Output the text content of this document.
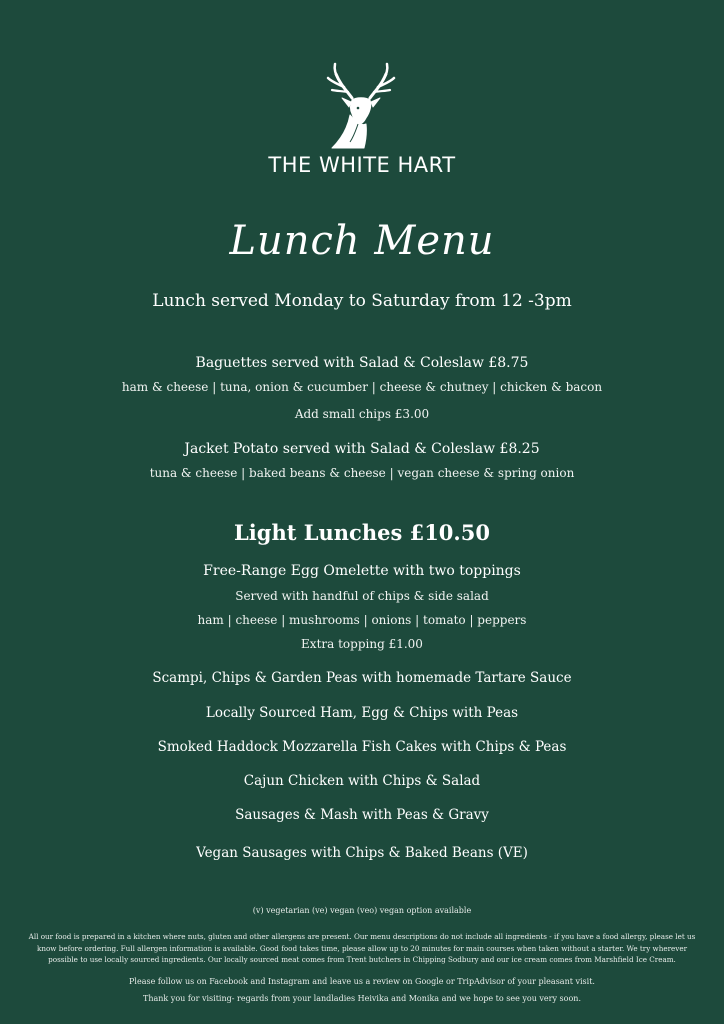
THE WHITE HART
Lunch Menu
Lunch served Monday to Saturday from 12 -3pm
Baguettes served with Salad & Coleslaw £8.75
ham & cheese | tuna, onion & cucumber | cheese & chutney | chicken & bacon
Add small chips £3.00
Jacket Potato served with Salad & Coleslaw £8.25
tuna & cheese | baked beans & cheese | vegan cheese & spring onion
Light Lunches £10.50
Free-Range Egg Omelette with two toppings
Served with handful of chips & side salad
ham | cheese | mushrooms | onions | tomato | peppers
Extra topping £1.00
Scampi, Chips & Garden Peas with homemade Tartare Sauce
Locally Sourced Ham, Egg & Chips with Peas
Smoked Haddock Mozzarella Fish Cakes with Chips & Peas
Cajun Chicken with Chips & Salad
Sausages & Mash with Peas & Gravy
Vegan Sausages with Chips & Baked Beans (VE)
(v) vegetarian (ve) vegan (veo) vegan option available
All our food is prepared in a kitchen where nuts, gluten and other allergens are present. Our menu descriptions do not include all ingredients - if you have a food allergy, please let us know before ordering. Full allergen information is available. Good food takes time, please allow up to 20 minutes for main courses when taken without a starter. We try wherever possible to use locally sourced ingredients. Our locally sourced meat comes from Trent butchers in Chipping Sodbury and our ice cream comes from Marshfield Ice Cream.
Please follow us on Facebook and Instagram and leave us a review on Google or TripAdvisor of your pleasant visit.
Thank you for visiting- regards from your landladies Heivika and Monika and we hope to see you very soon.
